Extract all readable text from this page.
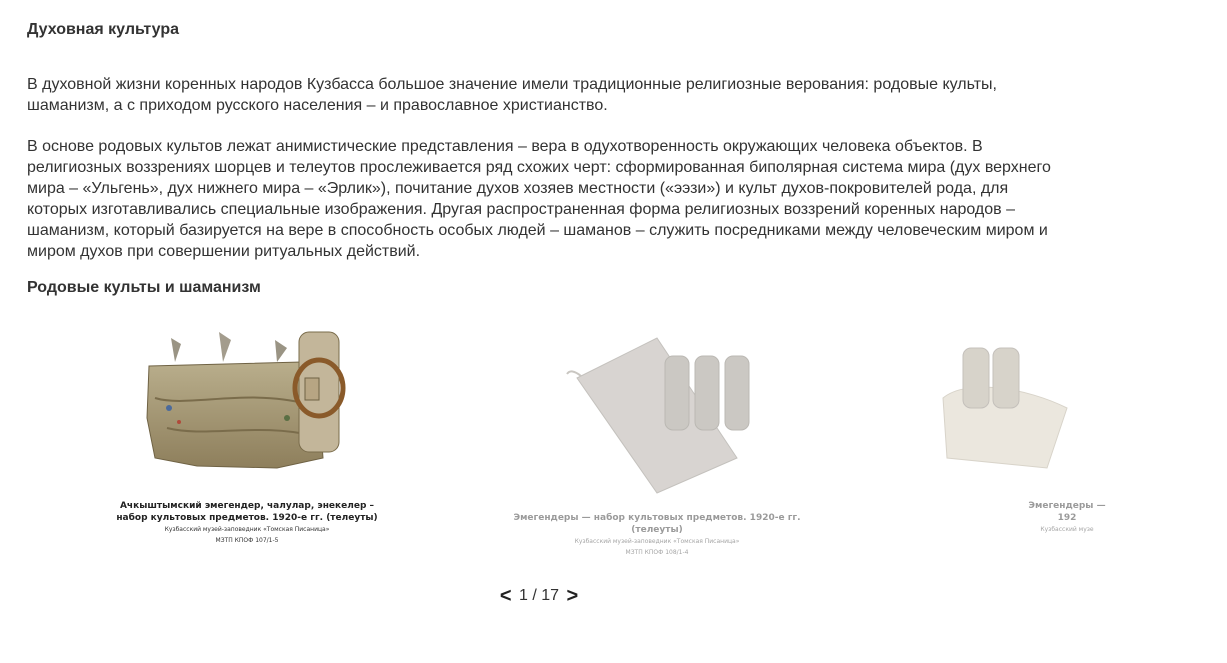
Духовная культура

В духовной жизни коренных народов Кузбасса большое значение имели традиционные религиозные верования: родовые культы, шаманизм, а с приходом русского населения – и православное христианство.

В основе родовых культов лежат анимистические представления – вера в одухотворенность окружающих человека объектов. В религиозных воззрениях шорцев и телеутов прослеживается ряд схожих черт: сформированная биполярная система мира (дух верхнего мира – «Ульгень», дух нижнего мира – «Эрлик»), почитание духов хозяев местности («ээзи») и культ духов-покровителей рода, для которых изготавливались специальные изображения. Другая распространенная форма религиозных воззрений коренных народов – шаманизм, который базируется на вере в способность особых людей – шаманов – служить посредниками между человеческим миром и миром духов при совершении ритуальных действий.

Родовые культы и шаманизм

Ачкыштымский эмегендер, чалулар, энекелер –

набор культовых предметов. 1920-е гг. (телеуты)

Кузбасский музей-заповедник «Томская Писаница»

МЗТП КПОФ 107/1-5

Эмегендеры — набор культовых предметов. 1920-е гг. (телеуты)

Кузбасский музей-заповедник «Томская Писаница»

МЗТП КПОФ 108/1-4

Эмегендеры —

192

Кузбасский музе

< 1 / 17 >
